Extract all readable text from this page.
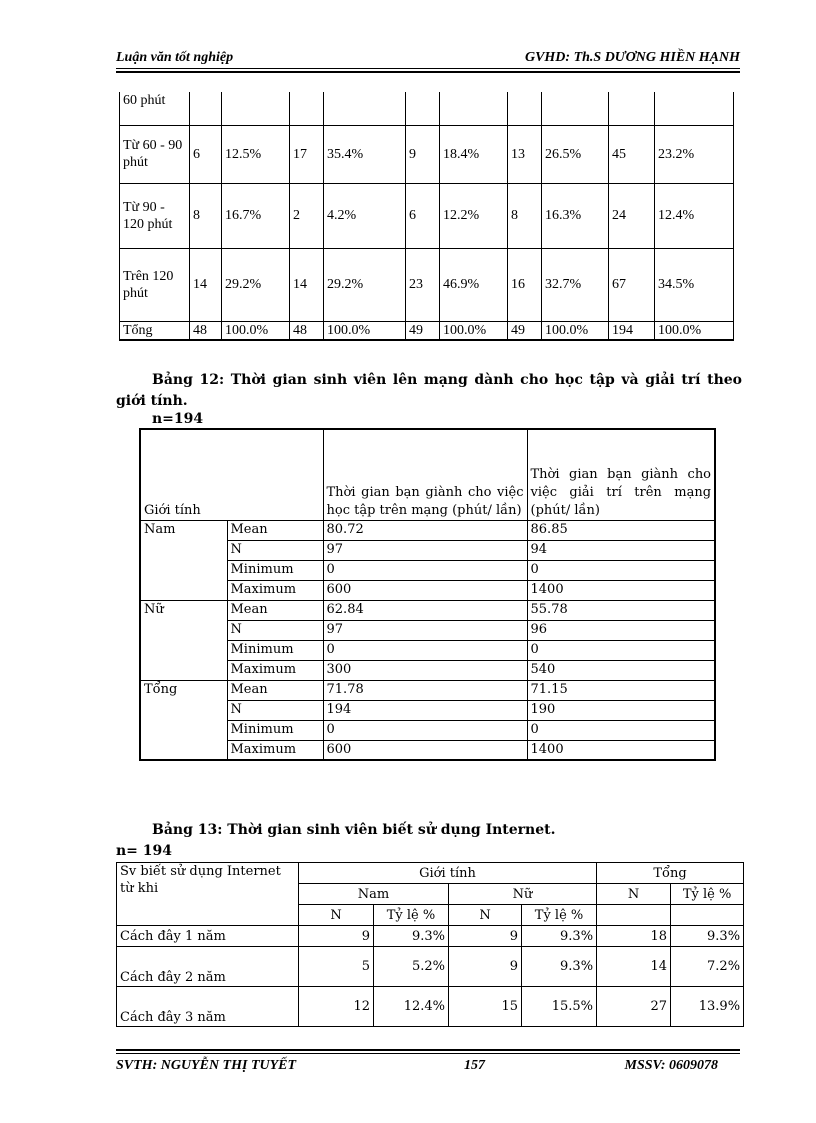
Luận văn tốt nghiệp	GVHD: Th.S DƯƠNG HIỀN HẠNH
60 phút										
Từ 60 - 90 phút	6	12.5%	17	35.4%	9	18.4%	13	26.5%	45	23.2%
Từ 90 - 120 phút	8	16.7%	2	4.2%	6	12.2%	8	16.3%	24	12.4%
Trên 120 phút	14	29.2%	14	29.2%	23	46.9%	16	32.7%	67	34.5%
Tổng	48	100.0%	48	100.0%	49	100.0%	49	100.0%	194	100.0%
Bảng 12: Thời gian sinh viên lên mạng dành cho học tập và giải trí theo giới tính.
n=194
Giới tính		Thời gian bạn giành cho việc học tập trên mạng (phút/ lần)	Thời gian bạn giành cho việc giải trí trên mạng (phút/ lần)
Nam	Mean	80.72	86.85
	N	97	94
	Minimum	0	0
	Maximum	600	1400
Nữ	Mean	62.84	55.78
	N	97	96
	Minimum	0	0
	Maximum	300	540
Tổng	Mean	71.78	71.15
	N	194	190
	Minimum	0	0
	Maximum	600	1400
Bảng 13: Thời gian sinh viên biết sử dụng Internet.
n= 194
Sv biết sử dụng Internet từ khi	Giới tính				Tổng	
	Nam		Nữ		N	Tỷ lệ %
	N	Tỷ lệ %	N	Tỷ lệ %		
Cách đây 1 năm	9	9.3%	9	9.3%	18	9.3%
Cách đây 2 năm	5	5.2%	9	9.3%	14	7.2%
Cách đây 3 năm	12	12.4%	15	15.5%	27	13.9%
SVTH: NGUYỄN THỊ TUYẾT	157	MSSV: 0609078
